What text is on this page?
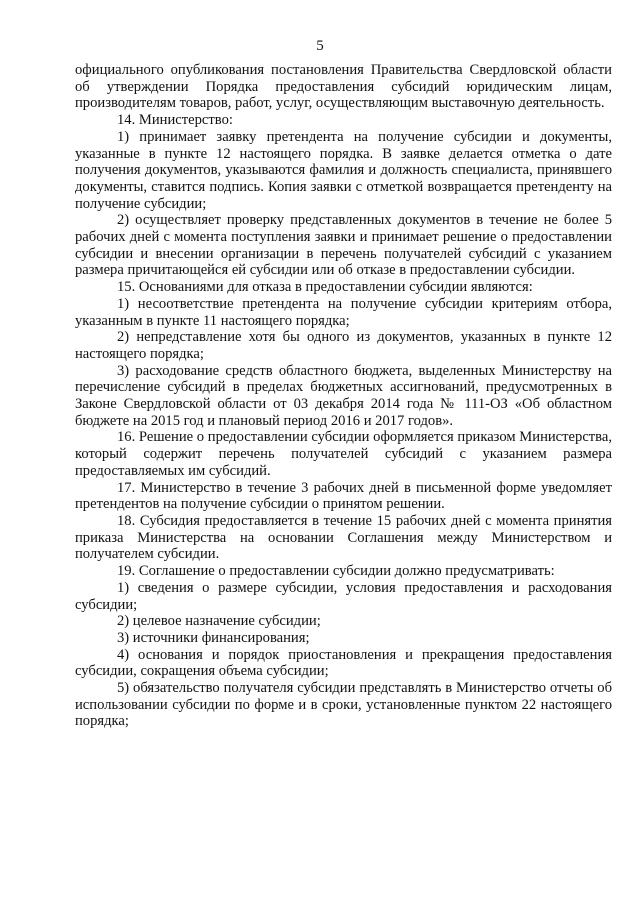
5

официального опубликования постановления Правительства Свердловской области об утверждении Порядка предоставления субсидий юридическим лицам, производителям товаров, работ, услуг, осуществляющим выставочную деятельность.

14. Министерство:

1) принимает заявку претендента на получение субсидии и документы, указанные в пункте 12 настоящего порядка. В заявке делается отметка о дате получения документов, указываются фамилия и должность специалиста, принявшего документы, ставится подпись. Копия заявки с отметкой возвращается претенденту на получение субсидии;

2) осуществляет проверку представленных документов в течение не более 5 рабочих дней с момента поступления заявки и принимает решение о предоставлении субсидии и внесении организации в перечень получателей субсидий с указанием размера причитающейся ей субсидии или об отказе в предоставлении субсидии.

15. Основаниями для отказа в предоставлении субсидии являются:

1) несоответствие претендента на получение субсидии критериям отбора, указанным в пункте 11 настоящего порядка;

2) непредставление хотя бы одного из документов, указанных в пункте 12 настоящего порядка;

3) расходование средств областного бюджета, выделенных Министерству на перечисление субсидий в пределах бюджетных ассигнований, предусмотренных в Законе Свердловской области от 03 декабря 2014 года № 111-ОЗ «Об областном бюджете на 2015 год и плановый период 2016 и 2017 годов».

16. Решение о предоставлении субсидии оформляется приказом Министерства, который содержит перечень получателей субсидий с указанием размера предоставляемых им субсидий.

17. Министерство в течение 3 рабочих дней в письменной форме уведомляет претендентов на получение субсидии о принятом решении.

18. Субсидия предоставляется в течение 15 рабочих дней с момента принятия приказа Министерства на основании Соглашения между Министерством и получателем субсидии.

19. Соглашение о предоставлении субсидии должно предусматривать:

1) сведения о размере субсидии, условия предоставления и расходования субсидии;

2) целевое назначение субсидии;

3) источники финансирования;

4) основания и порядок приостановления и прекращения предоставления субсидии, сокращения объема субсидии;

5) обязательство получателя субсидии представлять в Министерство отчеты об использовании субсидии по форме и в сроки, установленные пунктом 22 настоящего порядка;
